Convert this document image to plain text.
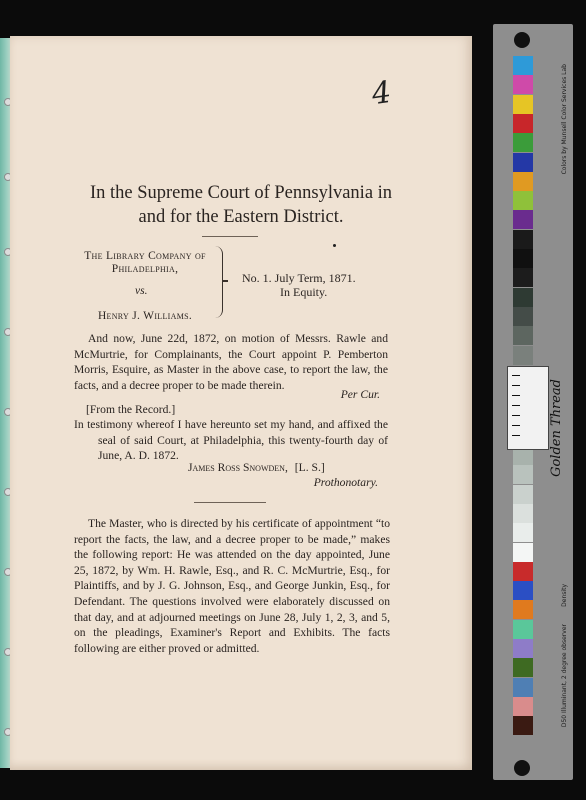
4
In the Supreme Court of Pennsylvania in
and for the Eastern District.
The Library Company of
Philadelphia,
vs.
Henry J. Williams.
No. 1. July Term, 1871.
In Equity.
And now, June 22d, 1872, on motion of Messrs. Rawle and McMurtrie, for Complainants, the Court appoint P. Pemberton Morris, Esquire, as Master in the above case, to report the law, the facts, and a decree proper to be made therein.
Per Cur.
[From the Record.]
In testimony whereof I have hereunto set my hand, and affixed the seal of said Court, at Philadelphia, this twenty-fourth day of June, A. D. 1872.
James Ross Snowden, [L. S.]
Prothonotary.
The Master, who is directed by his certificate of appointment “to report the facts, the law, and a decree proper to be made,” makes the following report: He was attended on the day appointed, June 25, 1872, by Wm. H. Rawle, Esq., and R. C. McMurtrie, Esq., for Plaintiffs, and by J. G. Johnson, Esq., and George Junkin, Esq., for Defendant. The questions involved were elaborately discussed on that day, and at adjourned meetings on June 28, July 1, 2, 3, and 5, on the pleadings, Examiner's Report and Exhibits. The facts following are either proved or admitted.
Golden Thread
Colors by Munsell Color Services Lab
D50 Illuminant, 2 degree observer
Density
